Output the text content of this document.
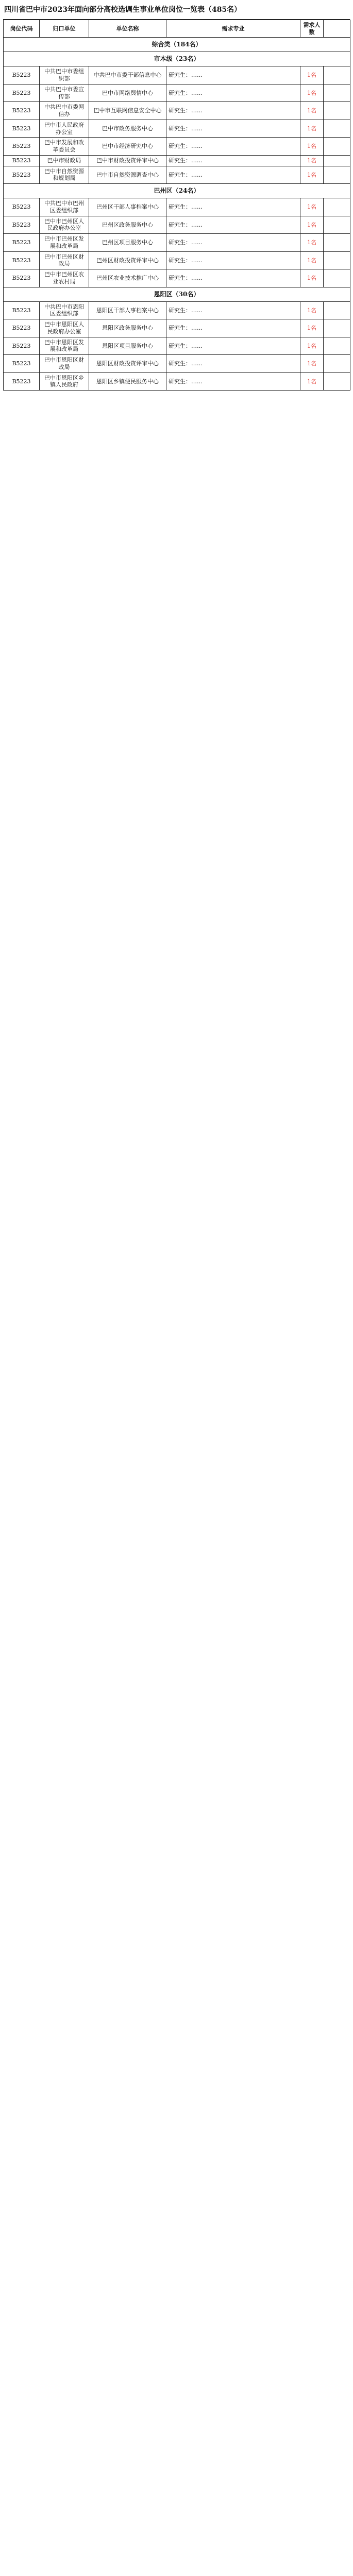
四川省巴中市2023年面向部分高校选调生事业单位岗位一览表（485名）
岗位代码	归口单位	单位名称	需求专业	需求人数	
综合类（184名）					
市本级（23名）					
B5223	中共巴中市委组织部	中共巴中市委干部信息中心	研究生：……	1名	
B5223	中共巴中市委宣传部	巴中市网络舆情中心	研究生：……	1名	
B5223	中共巴中市委网信办	巴中市互联网信息安全中心	研究生：……	1名	
B5223	巴中市人民政府办公室	巴中市政务服务中心	研究生：……	1名	
B5223	巴中市发展和改革委员会	巴中市经济研究中心	研究生：……	1名	
B5223	巴中市财政局	巴中市财政投资评审中心	研究生：……	1名	
B5223	巴中市自然资源和规划局	巴中市自然资源调查中心	研究生：……	1名	
巴州区（24名）					
B5223	中共巴中市巴州区委组织部	巴州区干部人事档案中心	研究生：……	1名	
B5223	巴中市巴州区人民政府办公室	巴州区政务服务中心	研究生：……	1名	
B5223	巴中市巴州区发展和改革局	巴州区项目服务中心	研究生：……	1名	
B5223	巴中市巴州区财政局	巴州区财政投资评审中心	研究生：……	1名	
B5223	巴中市巴州区农业农村局	巴州区农业技术推广中心	研究生：……	1名	
恩阳区（30名）					
B5223	中共巴中市恩阳区委组织部	恩阳区干部人事档案中心	研究生：……	1名	
B5223	巴中市恩阳区人民政府办公室	恩阳区政务服务中心	研究生：……	1名	
B5223	巴中市恩阳区发展和改革局	恩阳区项目服务中心	研究生：……	1名	
B5223	巴中市恩阳区财政局	恩阳区财政投资评审中心	研究生：……	1名	
B5223	巴中市恩阳区乡镇人民政府	恩阳区乡镇便民服务中心	研究生：……	1名	
